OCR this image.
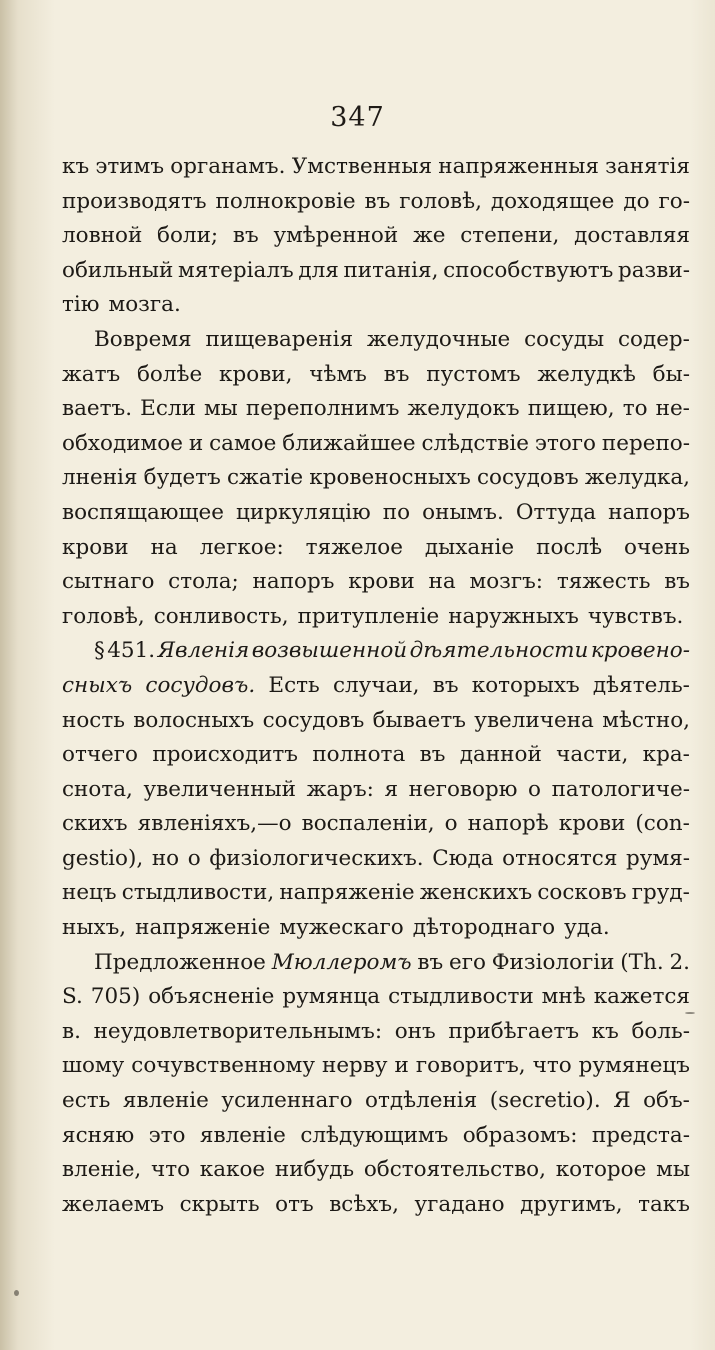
347
къ этимъ органамъ. Умственныя напряженныя занятія
производятъ полнокровіе въ головѣ, доходящее до го-
ловной боли; въ умѣренной же степени, доставляя
обильный мятеріалъ для питанія, способствуютъ разви-
тію мозга.
Вовремя пищеваренія желудочные сосуды содер-
жатъ болѣе крови, чѣмъ въ пустомъ желудкѣ бы-
ваетъ. Если мы переполнимъ желудокъ пищею, то не-
обходимое и самое ближайшее слѣдствіе этого перепо-
лненія будетъ сжатіе кровеносныхъ сосудовъ желудка,
воспящающее циркуляцію по онымъ. Оттуда напоръ
крови на легкое: тяжелое дыханіе послѣ очень
сытнаго стола; напоръ крови на мозгъ: тяжесть въ
головѣ, сонливость, притупленіе наружныхъ чувствъ.
§ 451. Явленія возвышенной дѣятельности кровено-
сныхъ сосудовъ. Есть случаи, въ которыхъ дѣятель-
ность волосныхъ сосудовъ бываетъ увеличена мѣстно,
отчего происходитъ полнота въ данной части, кра-
снота, увеличенный жаръ: я неговорю о патологиче-
скихъ явленіяхъ,—о воспаленіи, о напорѣ крови (con-
gestio), но о физіологическихъ. Сюда относятся румя-
нецъ стыдливости, напряженіе женскихъ сосковъ груд-
ныхъ, напряженіе мужескаго дѣтороднаго уда.
Предложенное Мюллеромъ въ его Физіологіи (Th. 2.
S. 705) объясненіе румянца стыдливости мнѣ кажется
в. неудовлетворительнымъ: онъ прибѣгаетъ къ боль-
шому сочувственному нерву и говоритъ, что румянецъ
есть явленіе усиленнаго отдѣленія (secretio). Я объ-
ясняю это явленіе слѣдующимъ образомъ: предста-
вленіе, что какое нибудь обстоятельство, которое мы
желаемъ скрыть отъ всѣхъ, угадано другимъ, такъ
